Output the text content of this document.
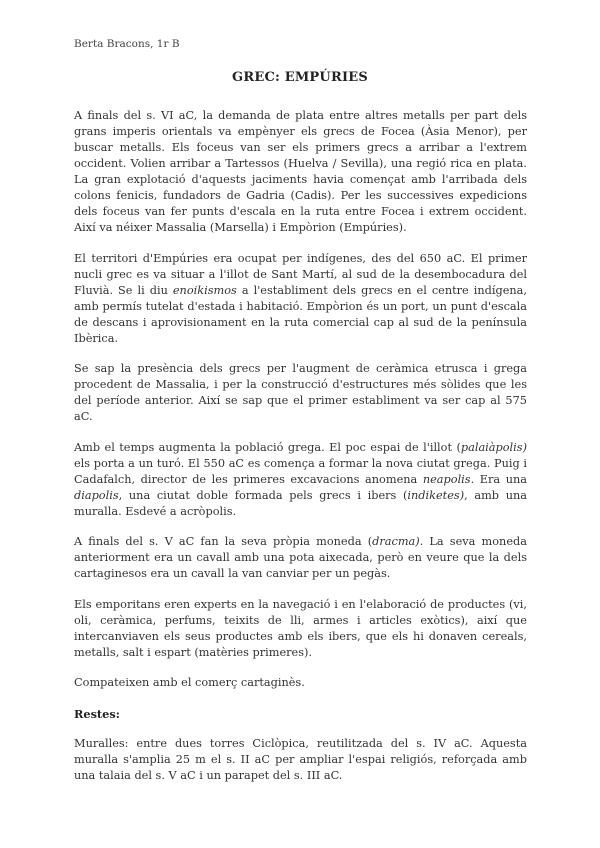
Berta Bracons, 1r B
GREC: EMPÚRIES

A finals del s. VI aC, la demanda de plata entre altres metalls per part dels grans imperis orientals va empènyer els grecs de Focea (Àsia Menor), per buscar metalls. Els foceus van ser els primers grecs a arribar a l'extrem occident. Volien arribar a Tartessos (Huelva / Sevilla), una regió rica en plata. La gran explotació d'aquests jaciments havia començat amb l'arribada dels colons fenicis, fundadors de Gadria (Cadis). Per les successives expedicions dels foceus van fer punts d'escala en la ruta entre Focea i extrem occident. Així va néixer Massalia (Marsella) i Empòrion (Empúries).

El territori d'Empúries era ocupat per indígenes, des del 650 aC. El primer nucli grec es va situar a l'illot de Sant Martí, al sud de la desembocadura del Fluvià. Se li diu enoikismos a l'establiment dels grecs en el centre indígena, amb permís tutelat d'estada i habitació. Empòrion és un port, un punt d'escala de descans i aprovisionament en la ruta comercial cap al sud de la península Ibèrica.

Se sap la presència dels grecs per l'augment de ceràmica etrusca i grega procedent de Massalia, i per la construcció d'estructures més sòlides que les del període anterior. Així se sap que el primer establiment va ser cap al 575 aC.

Amb el temps augmenta la població grega. El poc espai de l'illot (palaiàpolis) els porta a un turó. El 550 aC es comença a formar la nova ciutat grega. Puig i Cadafalch, director de les primeres excavacions anomena neapolis. Era una diapolis, una ciutat doble formada pels grecs i ibers (indiketes), amb una muralla. Esdevé a acròpolis.

A finals del s. V aC fan la seva pròpia moneda (dracma). La seva moneda anteriorment era un cavall amb una pota aixecada, però en veure que la dels cartaginesos era un cavall la van canviar per un pegàs.

Els emporitans eren experts en la navegació i en l'elaboració de productes (vi, oli, ceràmica, perfums, teixits de lli, armes i articles exòtics), així que intercanviaven els seus productes amb els ibers, que els hi donaven cereals, metalls, salt i espart (matèries primeres).

Compateixen amb el comerç cartaginès.

Restes:

Muralles: entre dues torres Ciclòpica, reutilitzada del s. IV aC. Aquesta muralla s'amplia 25 m el s. II aC per ampliar l'espai religiós, reforçada amb una talaia del s. V aC i un parapet del s. III aC.
